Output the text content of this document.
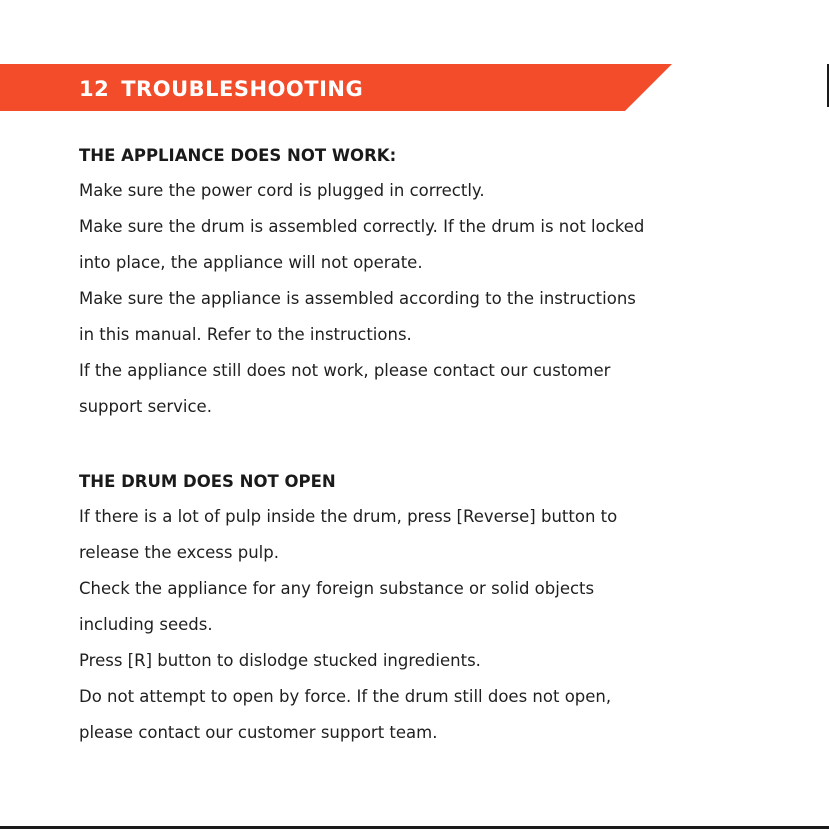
12 TROUBLESHOOTING
THE APPLIANCE DOES NOT WORK:
Make sure the power cord is plugged in correctly.
Make sure the drum is assembled correctly. If the drum is not locked
into place, the appliance will not operate.
Make sure the appliance is assembled according to the instructions
in this manual. Refer to the instructions.
If the appliance still does not work, please contact our customer
support service.
THE DRUM DOES NOT OPEN
If there is a lot of pulp inside the drum, press [Reverse] button to
release the excess pulp.
Check the appliance for any foreign substance or solid objects
including seeds.
Press [R] button to dislodge stucked ingredients.
Do not attempt to open by force. If the drum still does not open,
please contact our customer support team.
